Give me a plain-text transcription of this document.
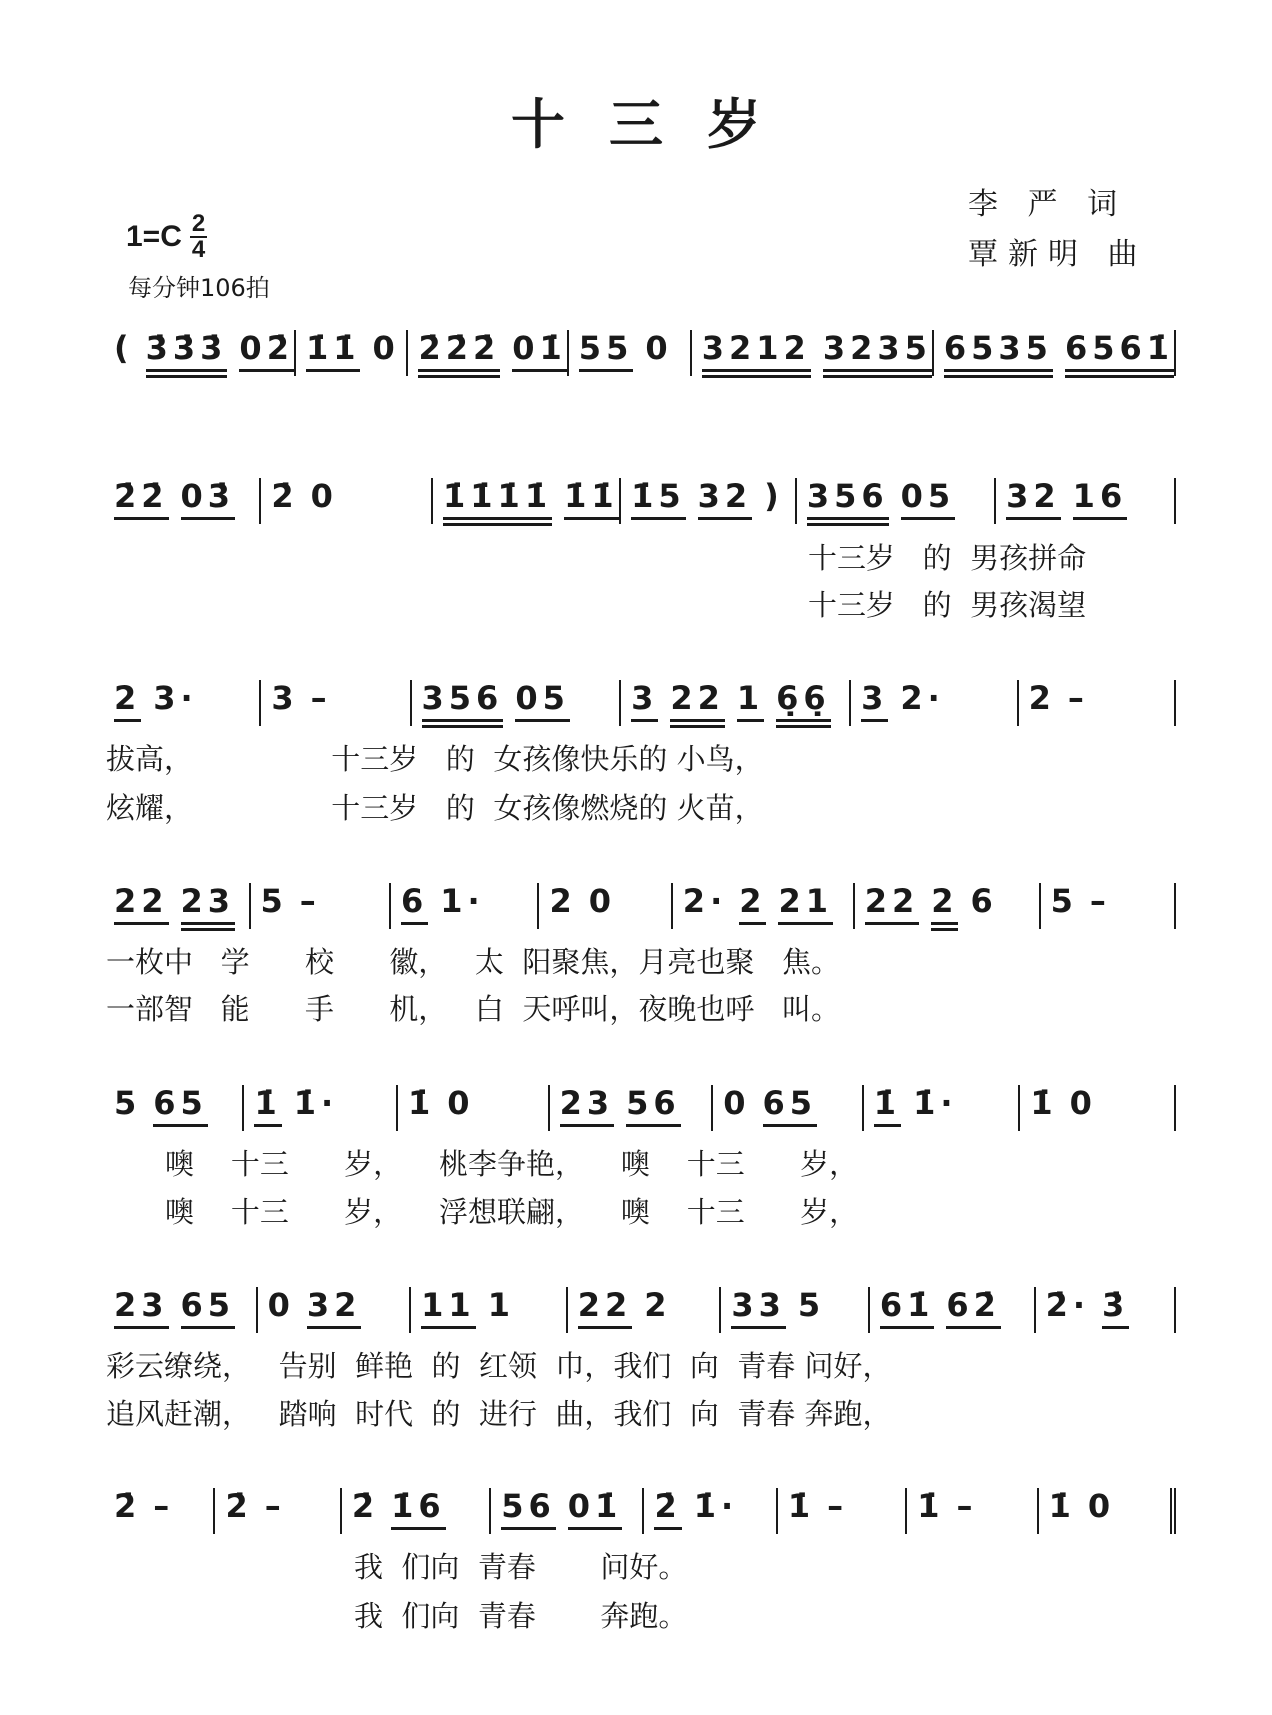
十三岁
$1=C \frac{2}{4}$
每分钟106拍
李 严 词
覃新明 曲
( 3̇3̇3̇ 02̇ 1̇1̇ 0 2̇2̇2̇ 01̇ 55 0 3212 3235 6535 6561̇
2̇2̇ 03̇ 2̇ 0	1̇1̇1̇1̇ 1̇1̇ 1̇5 32 ) 356 05 32 16
十三岁   的  男孩拼命
十三岁   的  男孩渴望
2 3· 3 –	356 05 3 22 1 6̣6̣ 3 2·	2 –
拔高，               十三岁   的  女孩像快乐的 小鸟，
炫耀，               十三岁   的  女孩像燃烧的 火苗，
22 23 5 –	6 1· 2 0 2· 2 21 22 2 6 5 –
一枚中   学      校      徽，   太  阳聚焦，月亮也聚   焦。
一部智   能      手      机，   白  天呼叫，夜晚也呼   叫。
5 65 1̇ 1̇· 1̇ 0	23 56 0 65 1̇ 1̇· 1̇ 0
噢    十三      岁，    桃李争艳，    噢    十三      岁，
噢    十三      岁，    浮想联翩，    噢    十三      岁，
23 65 0 32 11 1 22 2 33 5 61̇ 62̇ 2̇· 3̇
彩云缭绕，   告别  鲜艳  的  红领  巾，我们  向  青春 问好，
追风赶潮，   踏响  时代  的  进行  曲，我们  向  青春 奔跑，
2̇ – 2̇ – 2̇ 1̇6 56 01̇ 2̇ 1̇· 1̇ – 1̇ – 1̇ 0
我  们向  青春       问好。
我  们向  青春       奔跑。
